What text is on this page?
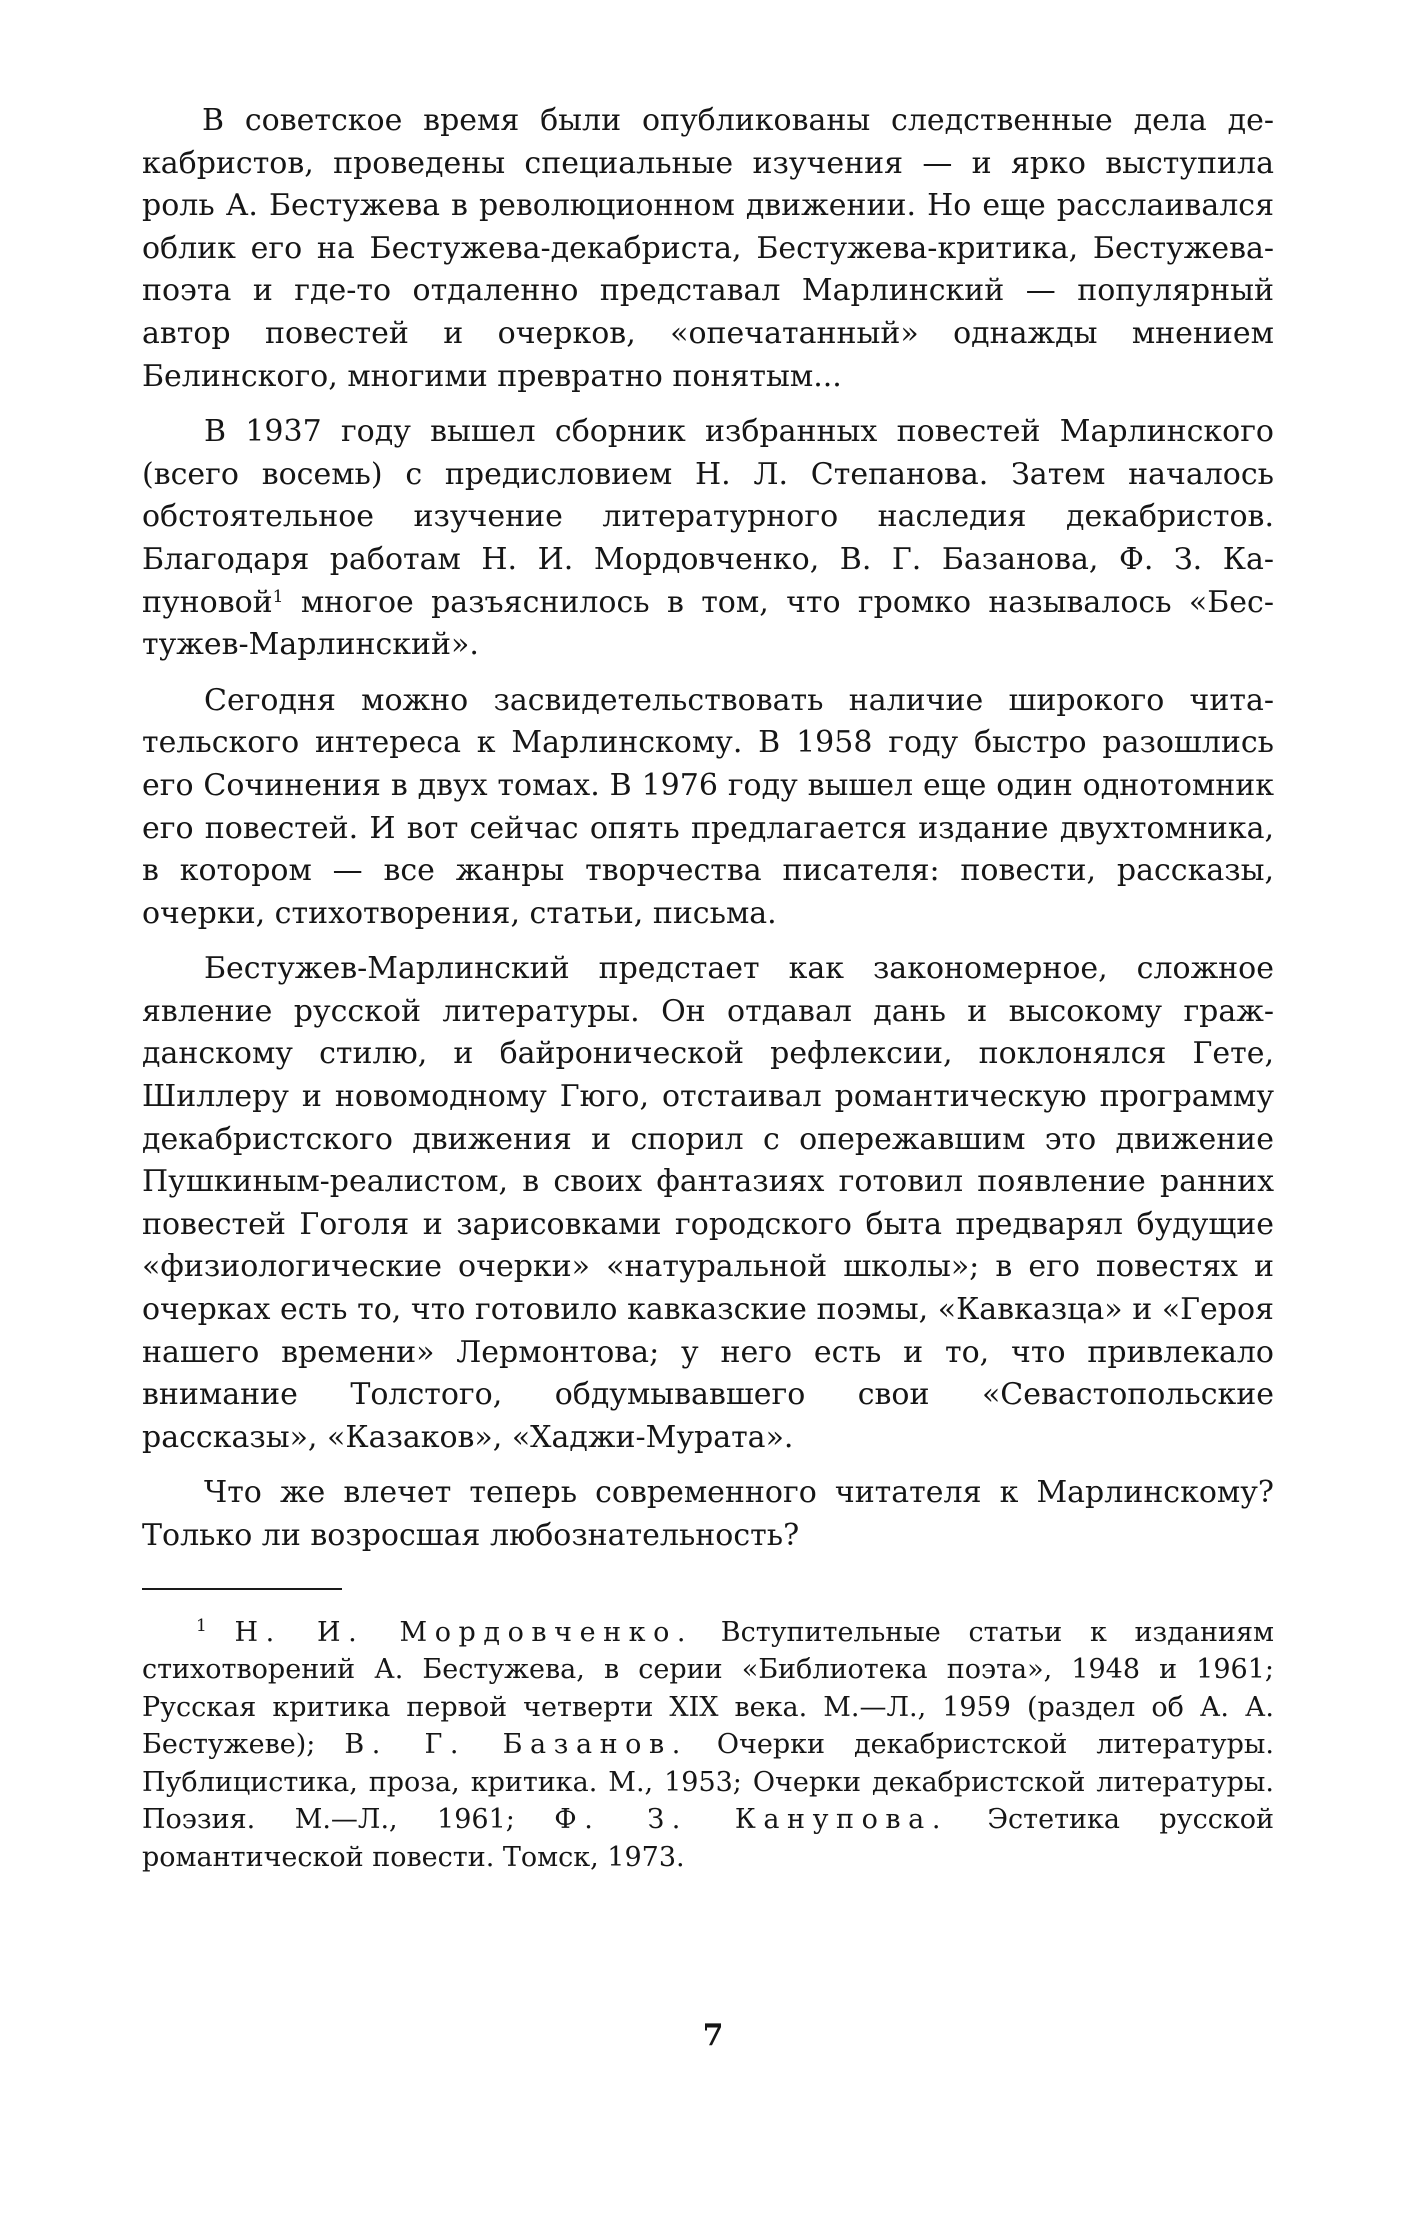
В советское время были опубликованы следственные дела декабристов, проведены специальные изучения — и ярко выступила роль А. Бестужева в революционном движении. Но еще расслаивался облик его на Бестужева-декабриста, Бестужева-критика, Бестужева-поэта и где-то отдаленно представал Марлинский — популярный автор повестей и очерков, «опечатанный» однажды мнением Белинского, многими превратно понятым...

В 1937 году вышел сборник избранных повестей Марлинского (всего восемь) с предисловием Н. Л. Степанова. Затем началось обстоятельное изучение литературного наследия декабристов. Благодаря работам Н. И. Мордовченко, В. Г. Базанова, Ф. З. Капуновой$^1$ многое разъяснилось в том, что громко называлось «Бестужев-Марлинский».

Сегодня можно засвидетельствовать наличие широкого читательского интереса к Марлинскому. В 1958 году быстро разошлись его Сочинения в двух томах. В 1976 году вышел еще один однотомник его повестей. И вот сейчас опять предлагается издание двухтомника, в котором — все жанры творчества писателя: повести, рассказы, очерки, стихотворения, статьи, письма.

Бестужев-Марлинский предстает как закономерное, сложное явление русской литературы. Он отдавал дань и высокому гражданскому стилю, и байронической рефлексии, поклонялся Гете, Шиллеру и новомодному Гюго, отстаивал романтическую программу декабристского движения и спорил с опережавшим это движение Пушкиным-реалистом, в своих фантазиях готовил появление ранних повестей Гоголя и зарисовками городского быта предварял будущие «физиологические очерки» «натуральной школы»; в его повестях и очерках есть то, что готовило кавказские поэмы, «Кавказца» и «Героя нашего времени» Лермонтова; у него есть и то, что привлекало внимание Толстого, обдумывавшего свои «Севастопольские рассказы», «Казаков», «Хаджи-Мурата».

Что же влечет теперь современного читателя к Марлинскому? Только ли возросшая любознательность?

$^1$ Н. И. Мордовченко. Вступительные статьи к изданиям стихотворений А. Бестужева, в серии «Библиотека поэта», 1948 и 1961; Русская критика первой четверти XIX века. М.—Л., 1959 (раздел об А. А. Бестужеве); В. Г. Базанов. Очерки декабристской литературы. Публицистика, проза, критика. М., 1953; Очерки декабристской литературы. Поэзия. М.—Л., 1961; Ф. З. Канупова. Эстетика русской романтической повести. Томск, 1973.

7
